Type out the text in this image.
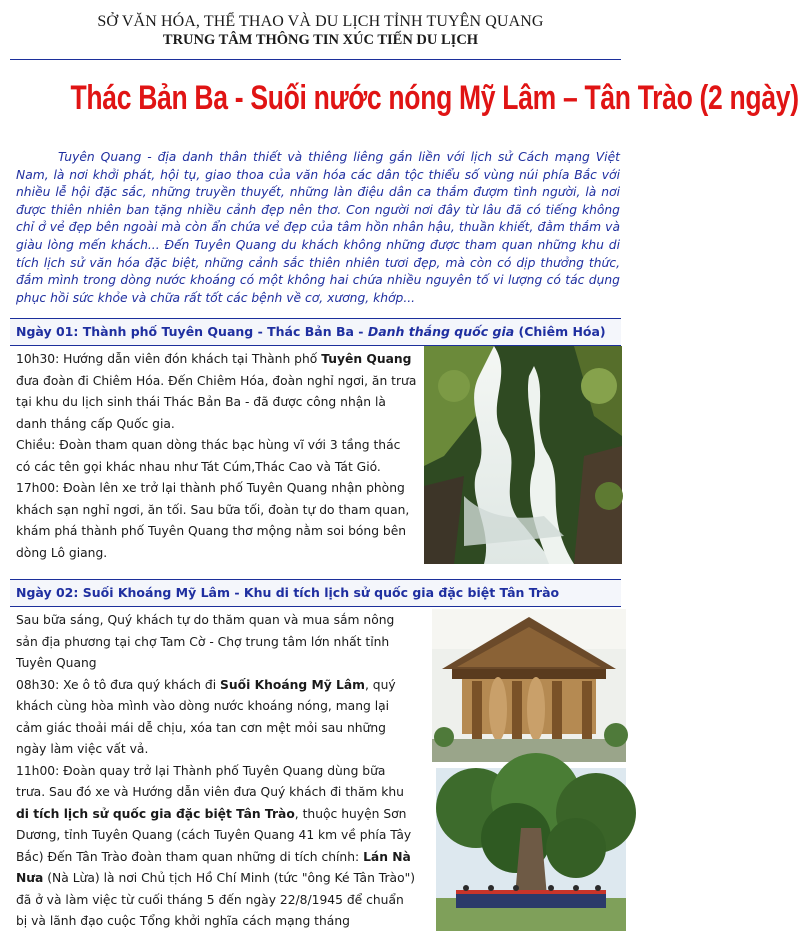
SỞ VĂN HÓA, THỂ THAO VÀ DU LỊCH TỈNH TUYÊN QUANG
TRUNG TÂM THÔNG TIN XÚC TIẾN DU LỊCH
Thác Bản Ba - Suối nước nóng Mỹ Lâm – Tân Trào (2 ngày)
Tuyên Quang - địa danh thân thiết và thiêng liêng gắn liền với lịch sử Cách mạng Việt Nam, là nơi khởi phát, hội tụ, giao thoa của văn hóa các dân tộc thiểu số vùng núi phía Bắc với nhiều lễ hội đặc sắc, những truyền thuyết, những làn điệu dân ca thắm đượm tình người, là nơi được thiên nhiên ban tặng nhiều cảnh đẹp nên thơ. Con người nơi đây từ lâu đã có tiếng không chỉ ở vẻ đẹp bên ngoài mà còn ẩn chứa vẻ đẹp của tâm hồn nhân hậu, thuần khiết, đằm thắm và giàu lòng mến khách... Đến Tuyên Quang du khách không những được tham quan những khu di tích lịch sử văn hóa đặc biệt, những cảnh sắc thiên nhiên tươi đẹp, mà còn có dịp thưởng thức, đắm mình trong dòng nước khoáng có một không hai chứa nhiều nguyên tố vi lượng có tác dụng phục hồi sức khỏe và chữa rất tốt các bệnh về cơ, xương, khớp...
Ngày 01: Thành phố Tuyên Quang - Thác Bản Ba - Danh thắng quốc gia (Chiêm Hóa)

10h30: Hướng dẫn viên đón khách tại Thành phố Tuyên Quang đưa đoàn đi Chiêm Hóa. Đến Chiêm Hóa, đoàn nghỉ ngơi, ăn trưa tại khu du lịch sinh thái Thác Bản Ba - đã được công nhận là danh thắng cấp Quốc gia.

Chiều: Đoàn tham quan dòng thác bạc hùng vĩ với 3 tầng thác có các tên gọi khác nhau như Tát Cúm,Thác Cao và Tát Gió.

17h00: Đoàn lên xe trở lại thành phố Tuyên Quang nhận phòng khách sạn nghỉ ngơi, ăn tối. Sau bữa tối, đoàn tự do tham quan, khám phá thành phố Tuyên Quang thơ mộng nằm soi bóng bên dòng Lô giang.

Ngày 02: Suối Khoáng Mỹ Lâm - Khu di tích lịch sử quốc gia đặc biệt Tân Trào

Sau bữa sáng, Quý khách tự do thăm quan và mua sắm nông sản địa phương tại chợ Tam Cờ - Chợ trung tâm lớn nhất tỉnh Tuyên Quang

08h30: Xe ô tô đưa quý khách đi Suối Khoáng Mỹ Lâm, quý khách cùng hòa mình vào dòng nước khoáng nóng, mang lại cảm giác thoải mái dễ chịu, xóa tan cơn mệt mỏi sau những ngày làm việc vất vả.

11h00: Đoàn quay trở lại Thành phố Tuyên Quang dùng bữa trưa. Sau đó xe và Hướng dẫn viên đưa Quý khách đi thăm khu di tích lịch sử quốc gia đặc biệt Tân Trào, thuộc huyện Sơn Dương, tỉnh Tuyên Quang (cách Tuyên Quang 41 km về phía Tây Bắc) Đến Tân Trào đoàn tham quan những di tích chính: Lán Nà Nưa (Nà Lừa) là nơi Chủ tịch Hồ Chí Minh (tức "ông Ké Tân Trào") đã ở và làm việc từ cuối tháng 5 đến ngày 22/8/1945 để chuẩn bị và lãnh đạo cuộc Tổng khởi nghĩa cách mạng tháng
